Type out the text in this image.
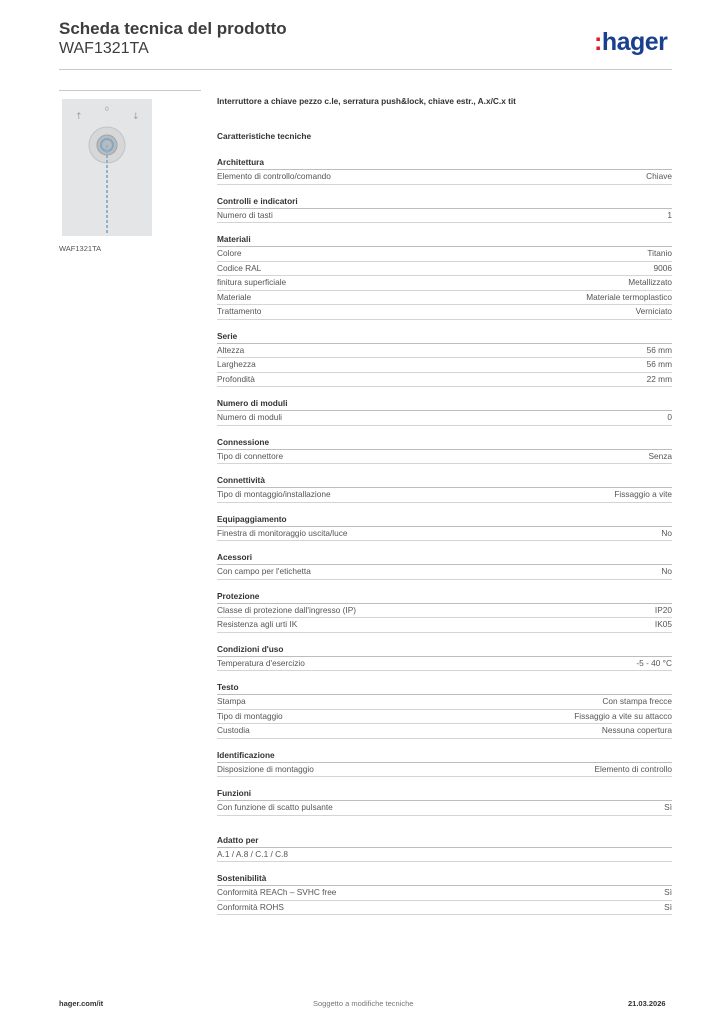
Scheda tecnica del prodotto
WAF1321TA	:hager
↑
0
↓
WAF1321TA
Interruttore a chiave pezzo c.le, serratura push&lock, chiave estr., A.x/C.x tit
Caratteristiche tecniche
Architettura
Elemento di controllo/comando	Chiave
Controlli e indicatori
Numero di tasti	1
Materiali
Colore	Titanio
Codice RAL	9006
finitura superficiale	Metallizzato
Materiale	Materiale termoplastico
Trattamento	Verniciato
Serie
Altezza	56 mm
Larghezza	56 mm
Profondità	22 mm
Numero di moduli
Numero di moduli	0
Connessione
Tipo di connettore	Senza
Connettività
Tipo di montaggio/installazione	Fissaggio a vite
Equipaggiamento
Finestra di monitoraggio uscita/luce	No
Acessori
Con campo per l'etichetta	No
Protezione
Classe di protezione dall'ingresso (IP)	IP20
Resistenza agli urti IK	IK05
Condizioni d'uso
Temperatura d'esercizio	-5 - 40 °C
Testo
Stampa	Con stampa frecce
Tipo di montaggio	Fissaggio a vite su attacco
Custodia	Nessuna copertura
Identificazione
Disposizione di montaggio	Elemento di controllo
Funzioni
Con funzione di scatto pulsante	Sì
Adatto per
A.1 / A.8 / C.1 / C.8
Sostenibilità
Conformità REACh – SVHC free	Sì
Conformità ROHS	Sì
hager.com/it	Soggetto a modifiche tecniche	21.03.2026
